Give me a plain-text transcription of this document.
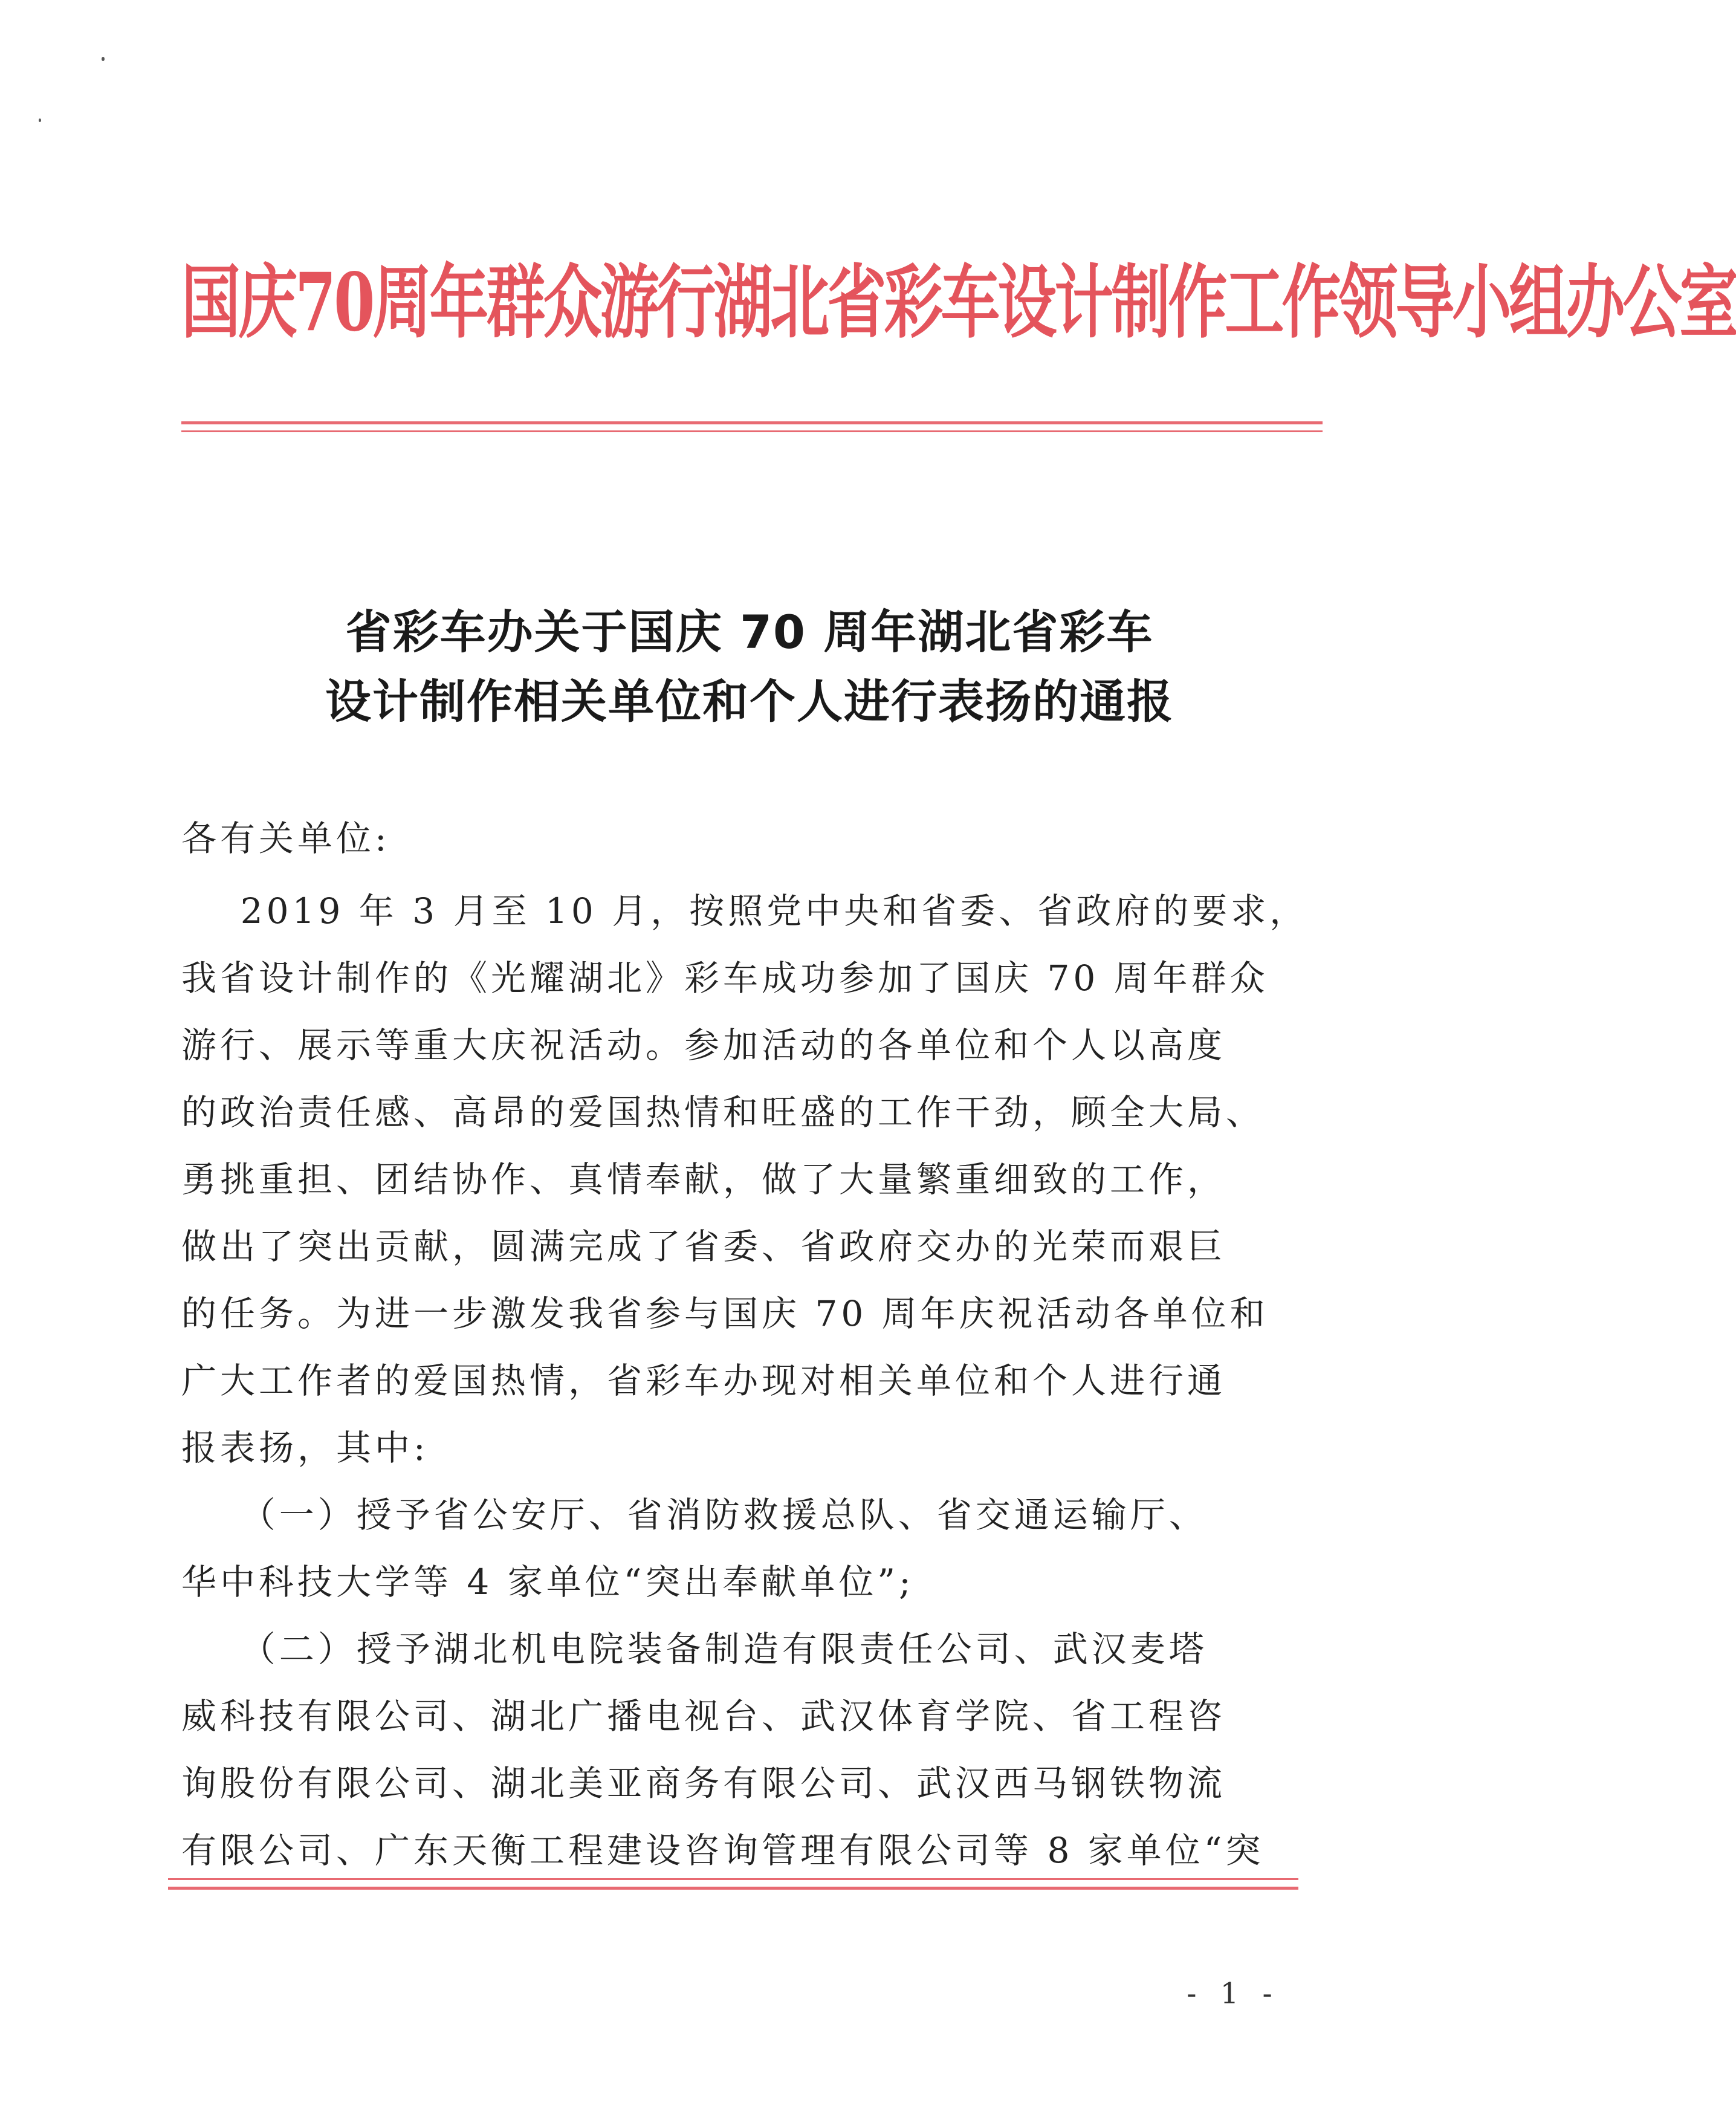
国庆70周年群众游行湖北省彩车设计制作工作领导小组办公室
省彩车办关于国庆 70 周年湖北省彩车
设计制作相关单位和个人进行表扬的通报
各有关单位:
2019 年 3 月至 10 月，按照党中央和省委、省政府的要求，
我省设计制作的《光耀湖北》彩车成功参加了国庆 70 周年群众
游行、展示等重大庆祝活动。参加活动的各单位和个人以高度
的政治责任感、高昂的爱国热情和旺盛的工作干劲，顾全大局、
勇挑重担、团结协作、真情奉献，做了大量繁重细致的工作，
做出了突出贡献，圆满完成了省委、省政府交办的光荣而艰巨
的任务。为进一步激发我省参与国庆 70 周年庆祝活动各单位和
广大工作者的爱国热情，省彩车办现对相关单位和个人进行通
报表扬，其中:
（一）授予省公安厅、省消防救援总队、省交通运输厅、
华中科技大学等 4 家单位“突出奉献单位”;
（二）授予湖北机电院装备制造有限责任公司、武汉麦塔
威科技有限公司、湖北广播电视台、武汉体育学院、省工程咨
询股份有限公司、湖北美亚商务有限公司、武汉西马钢铁物流
有限公司、广东天衡工程建设咨询管理有限公司等 8 家单位“突
- 1 -
